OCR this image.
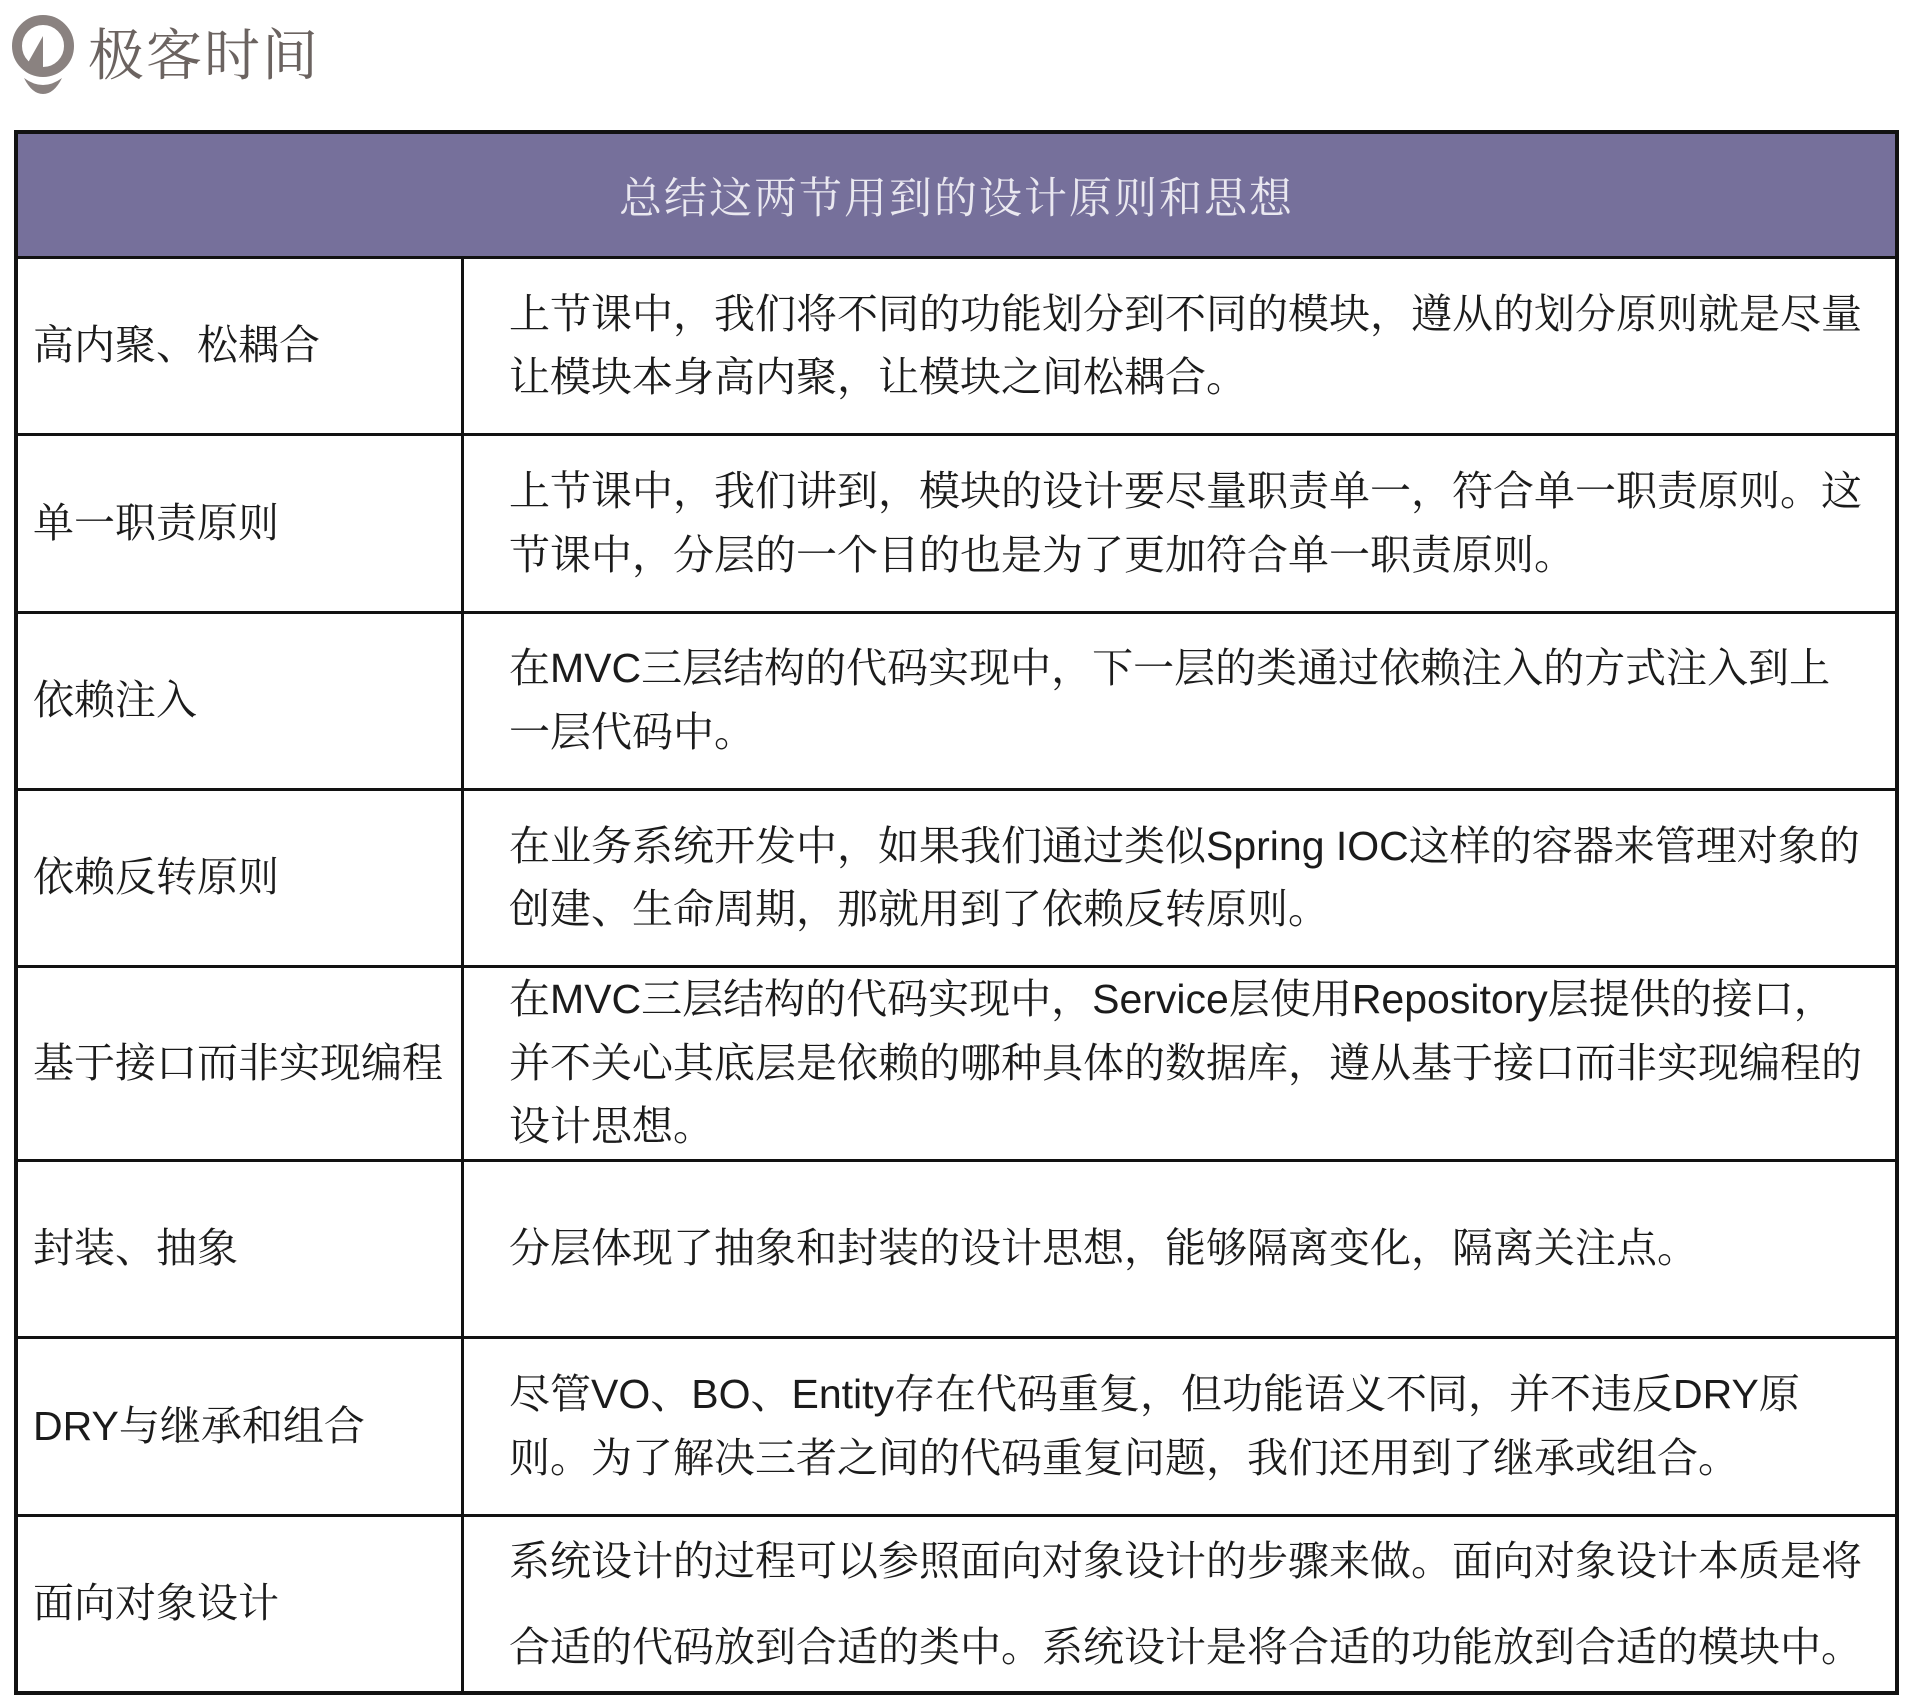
极客时间
总结这两节用到的设计原则和思想
高内聚、松耦合
上节课中，我们将不同的功能划分到不同的模块，遵从的划分原则就是尽量让模块本身高内聚，让模块之间松耦合。
单一职责原则
上节课中，我们讲到，模块的设计要尽量职责单一，符合单一职责原则。这节课中，分层的一个目的也是为了更加符合单一职责原则。
依赖注入
在MVC三层结构的代码实现中，下一层的类通过依赖注入的方式注入到上一层代码中。
依赖反转原则
在业务系统开发中，如果我们通过类似Spring IOC这样的容器来管理对象的创建、生命周期，那就用到了依赖反转原则。
基于接口而非实现编程
在MVC三层结构的代码实现中，Service层使用Repository层提供的接口，并不关心其底层是依赖的哪种具体的数据库，遵从基于接口而非实现编程的设计思想。
封装、抽象	分层体现了抽象和封装的设计思想，能够隔离变化，隔离关注点。
DRY与继承和组合
尽管VO、BO、Entity存在代码重复，但功能语义不同，并不违反DRY原则。为了解决三者之间的代码重复问题，我们还用到了继承或组合。
面向对象设计
系统设计的过程可以参照面向对象设计的步骤来做。面向对象设计本质是将合适的代码放到合适的类中。系统设计是将合适的功能放到合适的模块中。
